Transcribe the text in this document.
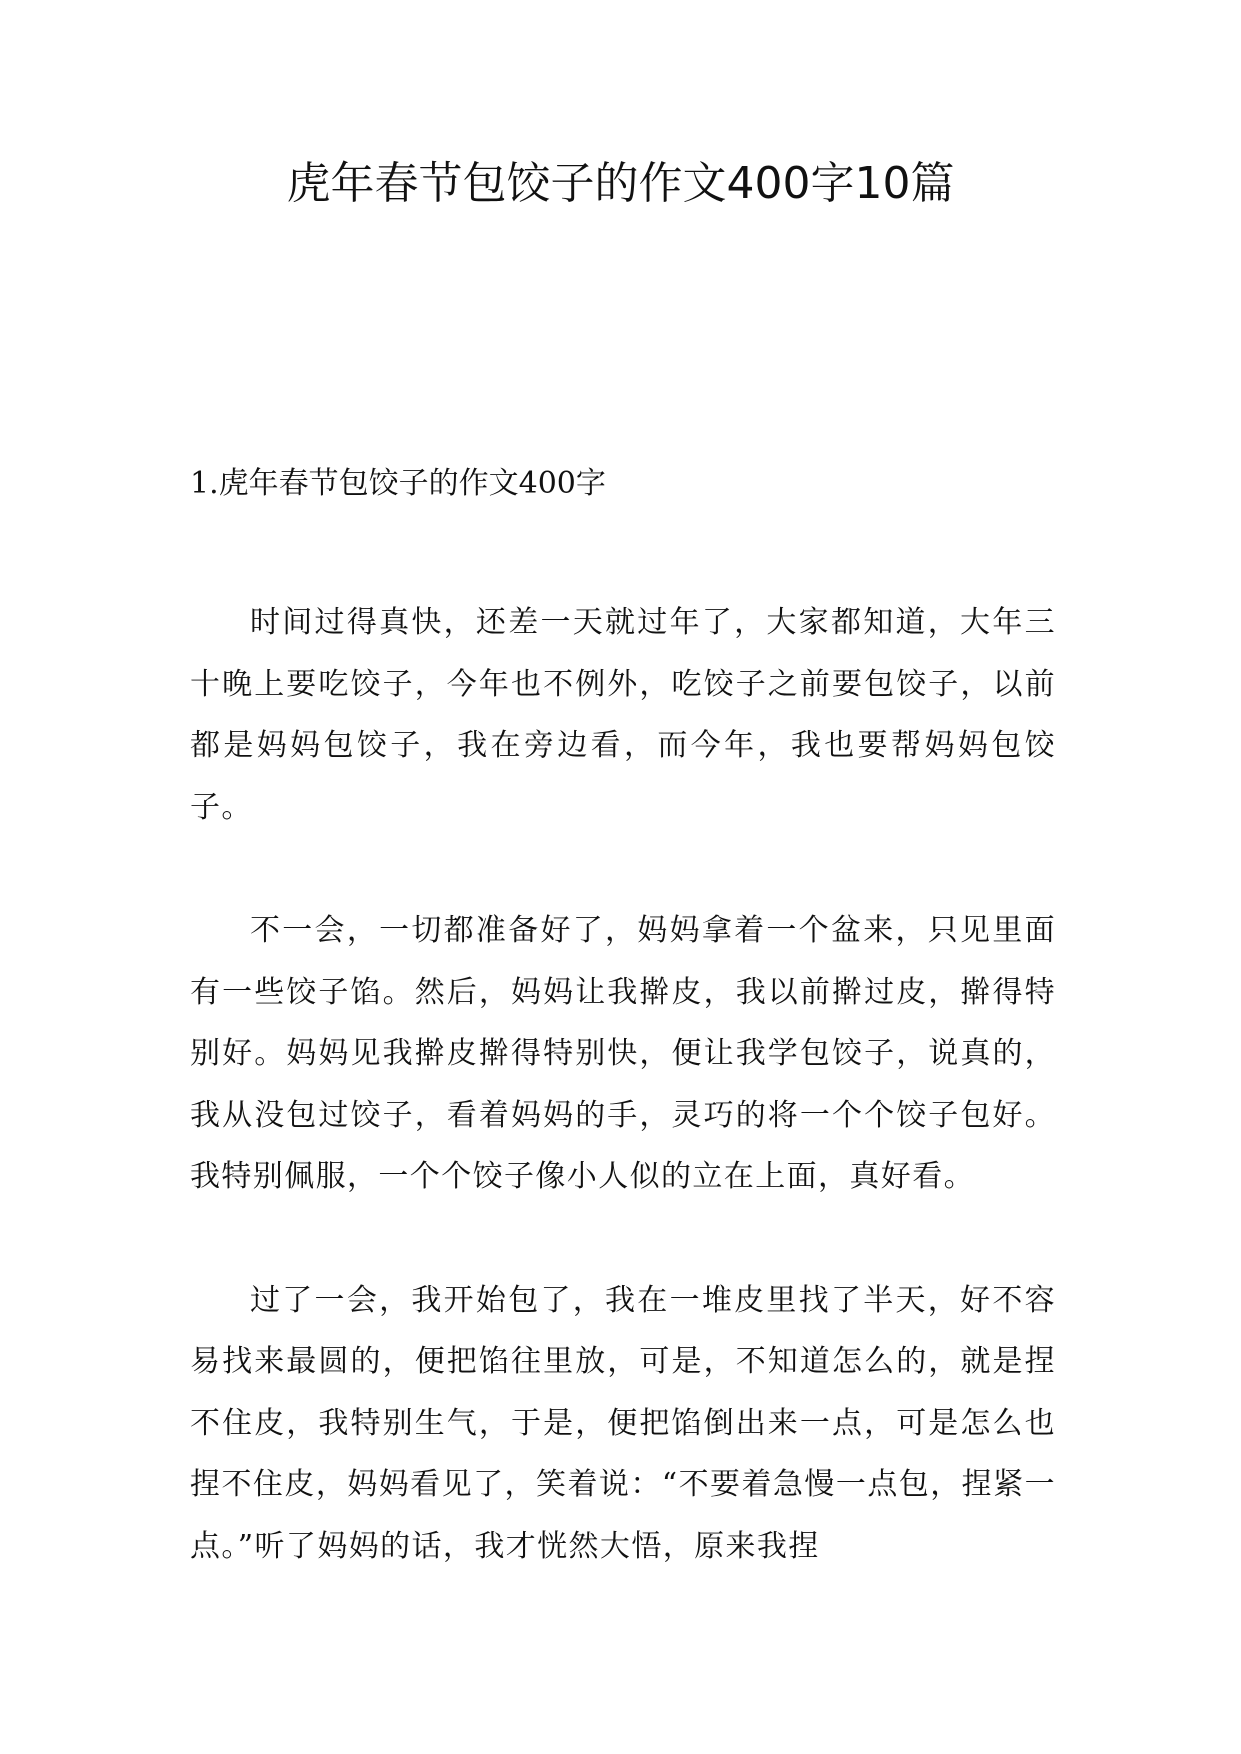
虎年春节包饺子的作文400字10篇
1.虎年春节包饺子的作文400字

时间过得真快，还差一天就过年了，大家都知道，大年三十晚上要吃饺子，今年也不例外，吃饺子之前要包饺子，以前都是妈妈包饺子，我在旁边看，而今年，我也要帮妈妈包饺子。

不一会，一切都准备好了，妈妈拿着一个盆来，只见里面有一些饺子馅。然后，妈妈让我擀皮，我以前擀过皮，擀得特别好。妈妈见我擀皮擀得特别快，便让我学包饺子，说真的，我从没包过饺子，看着妈妈的手，灵巧的将一个个饺子包好。我特别佩服，一个个饺子像小人似的立在上面，真好看。

过了一会，我开始包了，我在一堆皮里找了半天，好不容易找来最圆的，便把馅往里放，可是，不知道怎么的，就是捏不住皮，我特别生气，于是，便把馅倒出来一点，可是怎么也捏不住皮，妈妈看见了，笑着说：“不要着急慢一点包，捏紧一点。”听了妈妈的话，我才恍然大悟，原来我捏
